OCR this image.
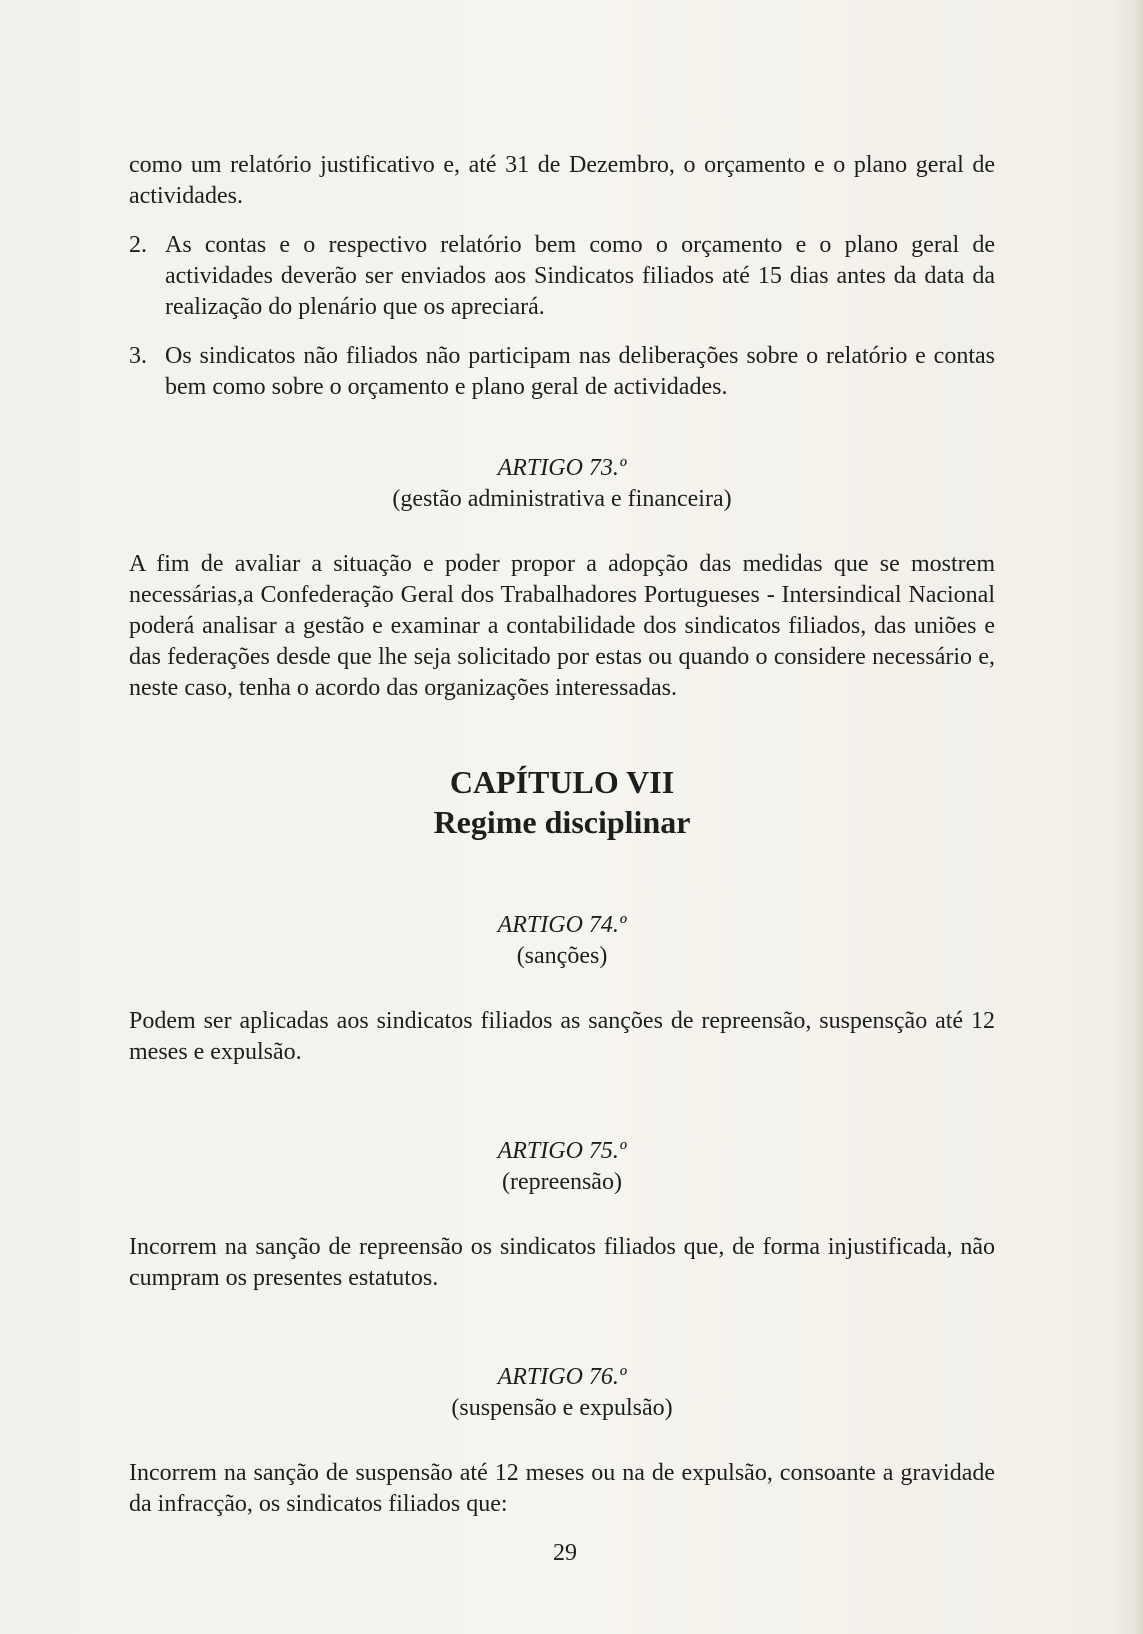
como um relatório justificativo e, até 31 de Dezembro, o orçamento e o plano geral de actividades.

2. As contas e o respectivo relatório bem como o orçamento e o plano geral de actividades deverão ser enviados aos Sindicatos filiados até 15 dias antes da data da realização do plenário que os apreciará.
3. Os sindicatos não filiados não participam nas deliberações sobre o relatório e contas bem como sobre o orçamento e plano geral de actividades.
ARTIGO 73.º
(gestão administrativa e financeira)

A fim de avaliar a situação e poder propor a adopção das medidas que se mostrem necessárias,a Confederação Geral dos Trabalhadores Portugueses - Intersindical Nacional poderá analisar a gestão e examinar a contabilidade dos sindicatos filiados, das uniões e das federações desde que lhe seja solicitado por estas ou quando o considere necessário e, neste caso, tenha o acordo das organizações interessadas.

CAPÍTULO VII
Regime disciplinar
ARTIGO 74.º
(sanções)

Podem ser aplicadas aos sindicatos filiados as sanções de repreensão, suspensção até 12 meses e expulsão.

ARTIGO 75.º
(repreensão)

Incorrem na sanção de repreensão os sindicatos filiados que, de forma injustificada, não cumpram os presentes estatutos.

ARTIGO 76.º
(suspensão e expulsão)

Incorrem na sanção de suspensão até 12 meses ou na de expulsão, consoante a gravidade da infracção, os sindicatos filiados que:

29
